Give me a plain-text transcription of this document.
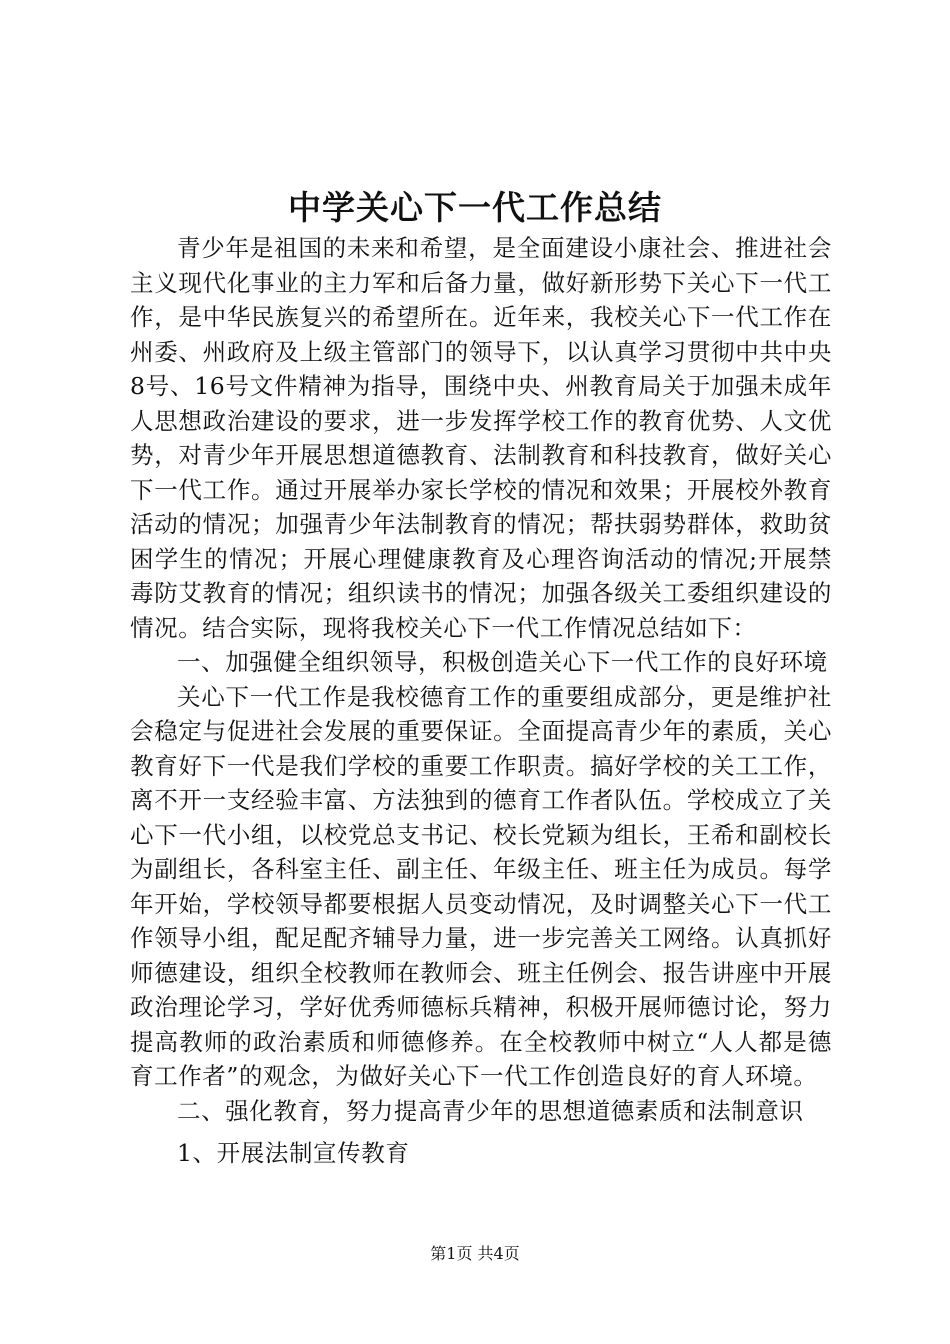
中学关心下一代工作总结

青少年是祖国的未来和希望，是全面建设小康社会、推进社会主义现代化事业的主力军和后备力量，做好新形势下关心下一代工作，是中华民族复兴的希望所在。近年来，我校关心下一代工作在州委、州政府及上级主管部门的领导下，以认真学习贯彻中共中央8号、16号文件精神为指导，围绕中央、州教育局关于加强未成年人思想政治建设的要求，进一步发挥学校工作的教育优势、人文优势，对青少年开展思想道德教育、法制教育和科技教育，做好关心下一代工作。通过开展举办家长学校的情况和效果；开展校外教育活动的情况；加强青少年法制教育的情况；帮扶弱势群体，救助贫困学生的情况；开展心理健康教育及心理咨询活动的情况;开展禁毒防艾教育的情况；组织读书的情况；加强各级关工委组织建设的情况。结合实际，现将我校关心下一代工作情况总结如下：

一、加强健全组织领导，积极创造关心下一代工作的良好环境

关心下一代工作是我校德育工作的重要组成部分，更是维护社会稳定与促进社会发展的重要保证。全面提高青少年的素质，关心教育好下一代是我们学校的重要工作职责。搞好学校的关工工作，离不开一支经验丰富、方法独到的德育工作者队伍。学校成立了关心下一代小组，以校党总支书记、校长党颖为组长，王希和副校长为副组长，各科室主任、副主任、年级主任、班主任为成员。每学年开始，学校领导都要根据人员变动情况，及时调整关心下一代工作领导小组，配足配齐辅导力量，进一步完善关工网络。认真抓好师德建设，组织全校教师在教师会、班主任例会、报告讲座中开展政治理论学习，学好优秀师德标兵精神，积极开展师德讨论，努力提高教师的政治素质和师德修养。在全校教师中树立“人人都是德育工作者”的观念，为做好关心下一代工作创造良好的育人环境。

二、强化教育，努力提高青少年的思想道德素质和法制意识

1、开展法制宣传教育

第1页 共4页
